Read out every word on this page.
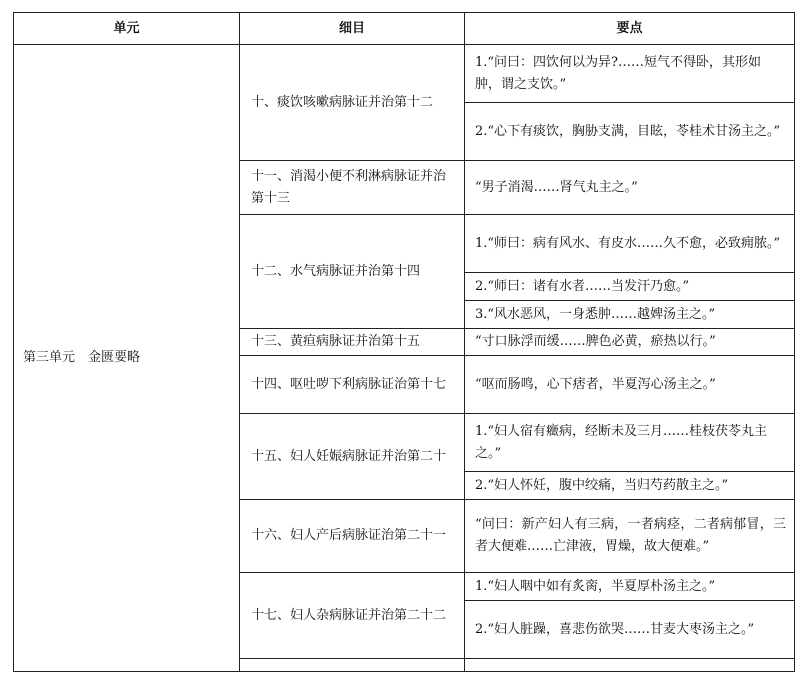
单元	细目	要点
第三单元　金匮要略	十、痰饮咳嗽病脉证并治第十二	1.“问曰：四饮何以为异?……短气不得卧，其形如肿，谓之支饮。”
		2.“心下有痰饮，胸胁支满，目眩，苓桂术甘汤主之。”
	十一、消渴小便不利淋病脉证并治第十三	“男子消渴……肾气丸主之。”
	十二、水气病脉证并治第十四	1.“师曰：病有风水、有皮水……久不愈，必致痈脓。”
		2.“师曰：诸有水者……当发汗乃愈。”
		3.“风水恶风，一身悉肿……越婢汤主之。”
	十三、黄疸病脉证并治第十五	“寸口脉浮而缓……脾色必黄，瘀热以行。”
	十四、呕吐哕下利病脉证治第十七	“呕而肠鸣，心下痞者，半夏泻心汤主之。”
	十五、妇人妊娠病脉证并治第二十	1.“妇人宿有癥病，经断未及三月……桂枝茯苓丸主之。”
		2.“妇人怀妊，腹中绞痛，当归芍药散主之。”
	十六、妇人产后病脉证治第二十一	“问曰：新产妇人有三病，一者病痉，二者病郁冒，三者大便难……亡津液，胃燥，故大便难。”
	十七、妇人杂病脉证并治第二十二	1.“妇人咽中如有炙脔，半夏厚朴汤主之。”
		2.“妇人脏躁，喜悲伤欲哭……甘麦大枣汤主之。”
